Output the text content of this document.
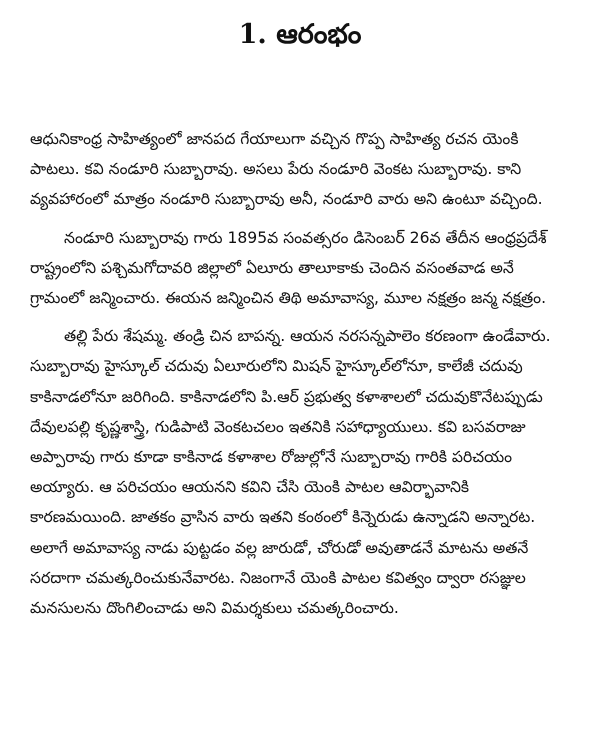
1. ఆరంభం

ఆధునికాంధ్ర సాహిత్యంలో జానపద గేయాలుగా వచ్చిన గొప్ప సాహిత్య రచన యెంకి పాటలు. కవి నండూరి సుబ్బారావు. అసలు పేరు నండూరి వెంకట సుబ్బారావు. కాని వ్యవహారంలో మాత్రం నండూరి సుబ్బారావు అనీ, నండూరి వారు అని ఉంటూ వచ్చింది.

నండూరి సుబ్బారావు గారు 1895వ సంవత్సరం డిసెంబర్ 26వ తేదీన ఆంధ్రప్రదేశ్ రాష్ట్రంలోని పశ్చిమగోదావరి జిల్లాలో ఏలూరు తాలూకాకు చెందిన వసంతవాడ అనే గ్రామంలో జన్మించారు. ఈయన జన్మించిన తిథి అమావాస్య, మూల నక్షత్రం జన్మ నక్షత్రం.

తల్లి పేరు శేషమ్మ. తండ్రి చిన బాపన్న. ఆయన నరసన్నపాలెం కరణంగా ఉండేవారు. సుబ్బారావు హైస్కూల్ చదువు ఏలూరులోని మిషన్ హైస్కూల్‌లోనూ, కాలేజీ చదువు కాకినాడలోనూ జరిగింది. కాకినాడలోని పి.ఆర్ ప్రభుత్వ కళాశాలలో చదువుకొనేటప్పుడు దేవులపల్లి కృష్ణశాస్త్రి, గుడిపాటి వెంకటచలం ఇతనికి సహాధ్యాయులు. కవి బసవరాజు అప్పారావు గారు కూడా కాకినాడ కళాశాల రోజుల్లోనే సుబ్బారావు గారికి పరిచయం అయ్యారు. ఆ పరిచయం ఆయనని కవిని చేసి యెంకి పాటల ఆవిర్భావానికి కారణమయింది. జాతకం వ్రాసిన వారు ఇతని కంఠంలో కిన్నెరుడు ఉన్నాడని అన్నారట. అలాగే అమావాస్య నాడు పుట్టడం వల్ల జారుడో, చోరుడో అవుతాడనే మాటను అతనే సరదాగా చమత్కరించుకునేవారట. నిజంగానే యెంకి పాటల కవిత్వం ద్వారా రసజ్ఞుల మనసులను దొంగిలించాడు అని విమర్శకులు చమత్కరించారు.
